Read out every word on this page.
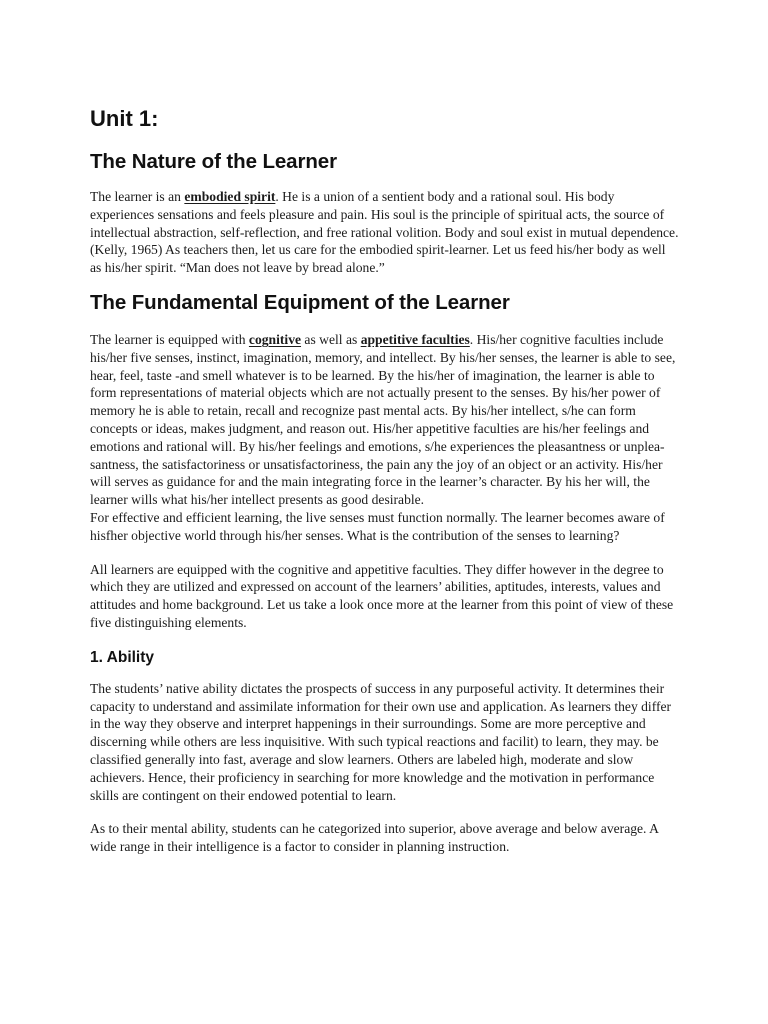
Unit 1:
The Nature of the Learner

The learner is an embodied spirit. He is a union of a sentient body and a rational soul. His body experiences sensations and feels pleasure and pain. His soul is the principle of spiritual acts, the source of intellectual abstraction, self-reflection, and free rational volition. Body and soul exist in mutual dependence. (Kelly, 1965) As teachers then, let us care for the embodied spirit-learner. Let us feed his/her body as well as his/her spirit. “Man does not leave by bread alone.”

The Fundamental Equipment of the Learner

The learner is equipped with cognitive as well as appetitive faculties. His/her cognitive faculties include his/her five senses, instinct, imagination, memory, and intellect. By his/her senses, the learner is able to see, hear, feel, taste -and smell whatever is to be learned. By the his/her of imagination, the learner is able to form representations of material objects which are not actually present to the senses. By his/her power of memory he is able to retain, recall and recognize past mental acts. By his/her intellect, s/he can form concepts or ideas, makes judgment, and reason out. His/her appetitive faculties are his/her feelings and emotions and rational will. By his/her feelings and emotions, s/he experiences the pleasantness or unplea-santness, the satisfactoriness or unsatisfactoriness, the pain any the joy of an object or an activity. His/her will serves as guidance for and the main integrating force in the learner’s character. By his her will, the learner wills what his/her intellect presents as good desirable.

For effective and efficient learning, the live senses must function normally. The learner becomes aware of hisfher objective world through his/her senses. What is the contribution of the senses to learning?

All learners are equipped with the cognitive and appetitive faculties. They differ however in the degree to which they are utilized and expressed on account of the learners’ abilities, aptitudes, interests, values and attitudes and home background. Let us take a look once more at the learner from this point of view of these five distinguishing elements.

1. Ability

The students’ native ability dictates the prospects of success in any purposeful activity. It determines their capacity to understand and assimilate information for their own use and application. As learners they differ in the way they observe and interpret happenings in their surroundings. Some are more perceptive and discerning while others are less inquisitive. With such typical reactions and facilit) to learn, they may. be classified generally into fast, average and slow learners. Others are labeled high, moderate and slow achievers. Hence, their proficiency in searching for more knowledge and the motivation in performance skills are contingent on their endowed potential to learn.

As to their mental ability, students can he categorized into superior, above average and below average. A wide range in their intelligence is a factor to consider in planning instruction.
